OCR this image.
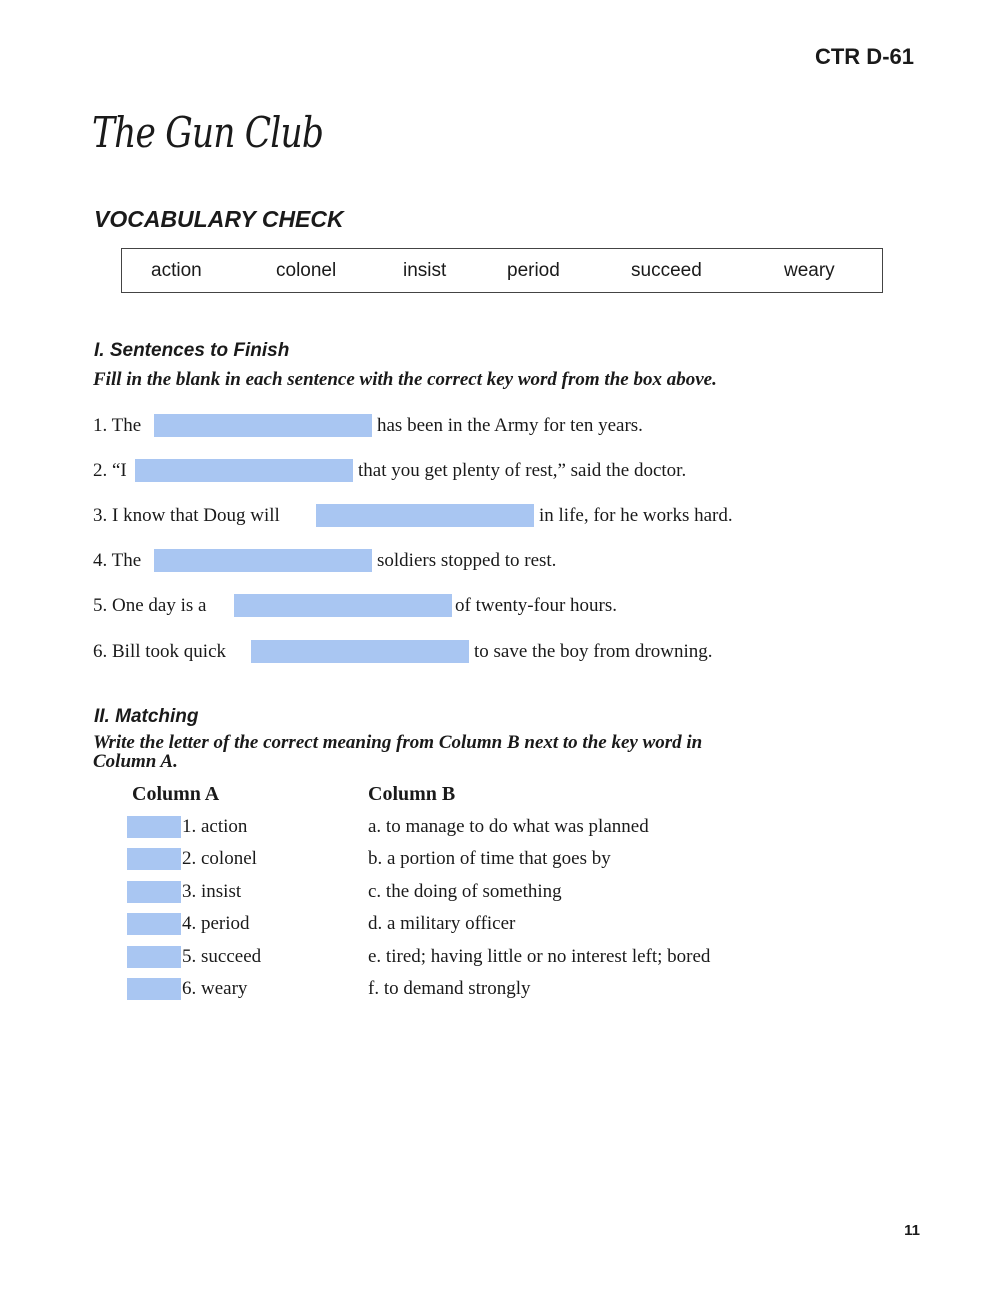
CTR D-61
The Gun Club
VOCABULARY CHECK
action	colonel	insist	period	succeed	weary
I. Sentences to Finish
Fill in the blank in each sentence with the correct key word from the box above.
1. The	has been in the Army for ten years.
2. “I	that you get plenty of rest,” said the doctor.
3. I know that Doug will	in life, for he works hard.
4. The	soldiers stopped to rest.
5. One day is a	of twenty-four hours.
6. Bill took quick	to save the boy from drowning.
II. Matching
Write the letter of the correct meaning from Column B next to the key word in
Column A.
Column A	Column B
1. action	a. to manage to do what was planned
2. colonel	b. a portion of time that goes by
3. insist	c. the doing of something
4. period	d. a military officer
5. succeed	e. tired; having little or no interest left; bored
6. weary	f. to demand strongly
11
